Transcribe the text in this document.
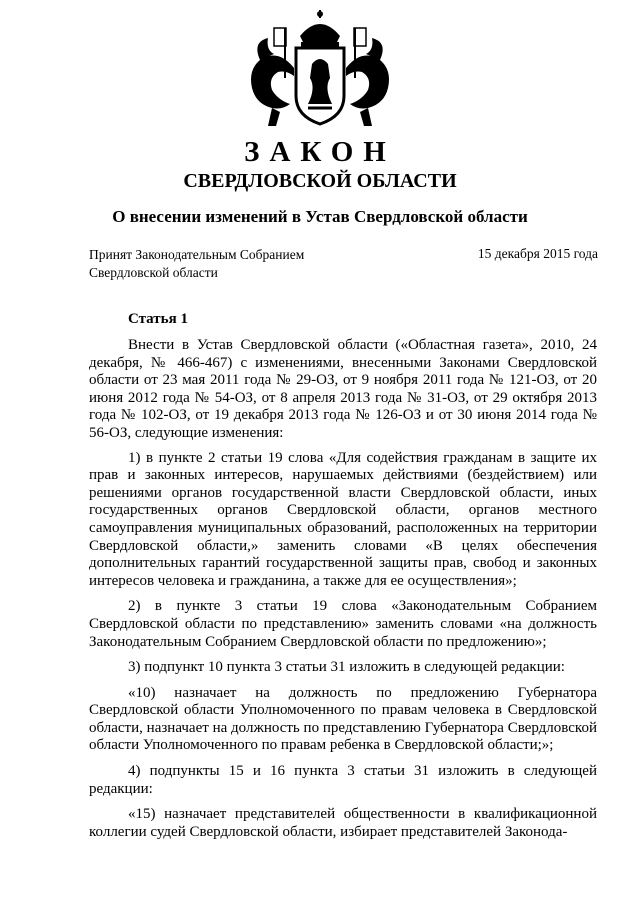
ЗАКОН
СВЕРДЛОВСКОЙ ОБЛАСТИ
О внесении изменений в Устав Свердловской области
Принят Законодательным Собранием
Свердловской области
15 декабря 2015 года
Статья 1

Внести в Устав Свердловской области («Областная газета», 2010, 24 декабря, № 466-467) с изменениями, внесенными Законами Свердловской области от 23 мая 2011 года № 29-ОЗ, от 9 ноября 2011 года № 121-ОЗ, от 20 июня 2012 года № 54-ОЗ, от 8 апреля 2013 года № 31-ОЗ, от 29 октября 2013 года № 102-ОЗ, от 19 декабря 2013 года № 126-ОЗ и от 30 июня 2014 года № 56-ОЗ, следующие изменения:

1) в пункте 2 статьи 19 слова «Для содействия гражданам в защите их прав и законных интересов, нарушаемых действиями (бездействием) или решениями органов государственной власти Свердловской области, иных государственных органов Свердловской области, органов местного самоуправления муниципальных образований, расположенных на территории Свердловской области,» заменить словами «В целях обеспечения дополнительных гарантий государственной защиты прав, свобод и законных интересов человека и гражданина, а также для ее осуществления»;

2) в пункте 3 статьи 19 слова «Законодательным Собранием Свердловской области по представлению» заменить словами «на должность Законодательным Собранием Свердловской области по предложению»;

3) подпункт 10 пункта 3 статьи 31 изложить в следующей редакции:

«10) назначает на должность по предложению Губернатора Свердловской области Уполномоченного по правам человека в Свердловской области, назначает на должность по представлению Губернатора Свердловской области Уполномоченного по правам ребенка в Свердловской области;»;

4) подпункты 15 и 16 пункта 3 статьи 31 изложить в следующей редакции:

«15) назначает представителей общественности в квалификационной коллегии судей Свердловской области, избирает представителей Законода-
